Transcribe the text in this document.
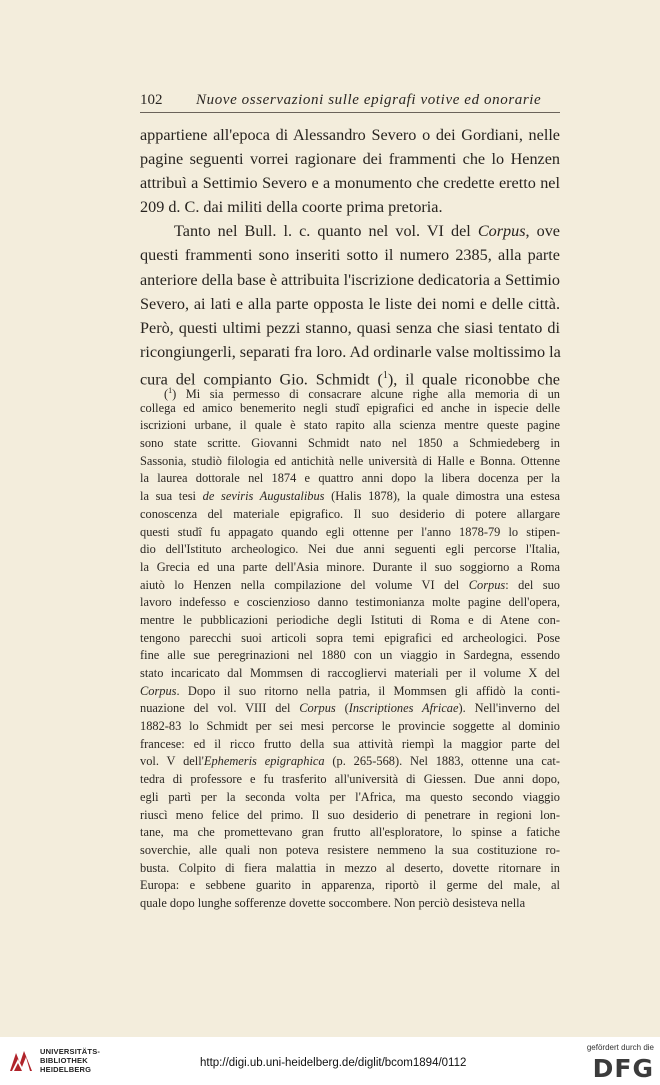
102	Nuove osservazioni sulle epigrafi votive ed onorarie
appartiene all'epoca di Alessandro Severo o dei Gordiani, nelle
pagine seguenti vorrei ragionare dei frammenti che lo Henzen
attribuì a Settimio Severo e a monumento che credette eretto nel
209 d. C. dai militi della coorte prima pretoria.
Tanto nel Bull. l. c. quanto nel vol. VI del Corpus, ove
questi frammenti sono inseriti sotto il numero 2385, alla parte
anteriore della base è attribuita l'iscrizione dedicatoria a Settimio
Severo, ai lati e alla parte opposta le liste dei nomi e delle città.
Però, questi ultimi pezzi stanno, quasi senza che siasi tentato di
ricongiungerli, separati fra loro. Ad ordinarle valse moltissimo la
cura del compianto Gio. Schmidt ($^1$), il quale riconobbe che
($^1$) Mi sia permesso di consacrare alcune righe alla memoria di un
collega ed amico benemerito negli studî epigrafici ed anche in ispecie delle
iscrizioni urbane, il quale è stato rapito alla scienza mentre queste pagine
sono state scritte. Giovanni Schmidt nato nel 1850 a Schmiedeberg in
Sassonia, studiò filologia ed antichità nelle università di Halle e Bonna. Ottenne
la laurea dottorale nel 1874 e quattro anni dopo la libera docenza per la
la sua tesi de seviris Augustalibus (Halis 1878), la quale dimostra una estesa
conoscenza del materiale epigrafico. Il suo desiderio di potere allargare
questi studî fu appagato quando egli ottenne per l'anno 1878-79 lo stipen-
dio dell'Istituto archeologico. Nei due anni seguenti egli percorse l'Italia,
la Grecia ed una parte dell'Asia minore. Durante il suo soggiorno a Roma
aiutò lo Henzen nella compilazione del volume VI del Corpus: del suo
lavoro indefesso e coscienzioso danno testimonianza molte pagine dell'opera,
mentre le pubblicazioni periodiche degli Istituti di Roma e di Atene con-
tengono parecchi suoi articoli sopra temi epigrafici ed archeologici. Pose
fine alle sue peregrinazioni nel 1880 con un viaggio in Sardegna, essendo
stato incaricato dal Mommsen di raccogliervi materiali per il volume X del
Corpus. Dopo il suo ritorno nella patria, il Mommsen gli affidò la conti-
nuazione del vol. VIII del Corpus (Inscriptiones Africae). Nell'inverno del
1882-83 lo Schmidt per sei mesi percorse le provincie soggette al dominio
francese: ed il ricco frutto della sua attività riempì la maggior parte del
vol. V dell'Ephemeris epigraphica (p. 265-568). Nel 1883, ottenne una cat-
tedra di professore e fu trasferito all'università di Giessen. Due anni dopo,
egli partì per la seconda volta per l'Africa, ma questo secondo viaggio
riuscì meno felice del primo. Il suo desiderio di penetrare in regioni lon-
tane, ma che promettevano gran frutto all'esploratore, lo spinse a fatiche
soverchie, alle quali non poteva resistere nemmeno la sua costituzione ro-
busta. Colpito di fiera malattia in mezzo al deserto, dovette ritornare in
Europa: e sebbene guarito in apparenza, riportò il germe del male, al
quale dopo lunghe sofferenze dovette soccombere. Non perciò desisteva nella
UNIVERSITÄTS-
BIBLIOTHEK
HEIDELBERG
http://digi.ub.uni-heidelberg.de/diglit/bcom1894/0112
gefördert durch die
DFG
